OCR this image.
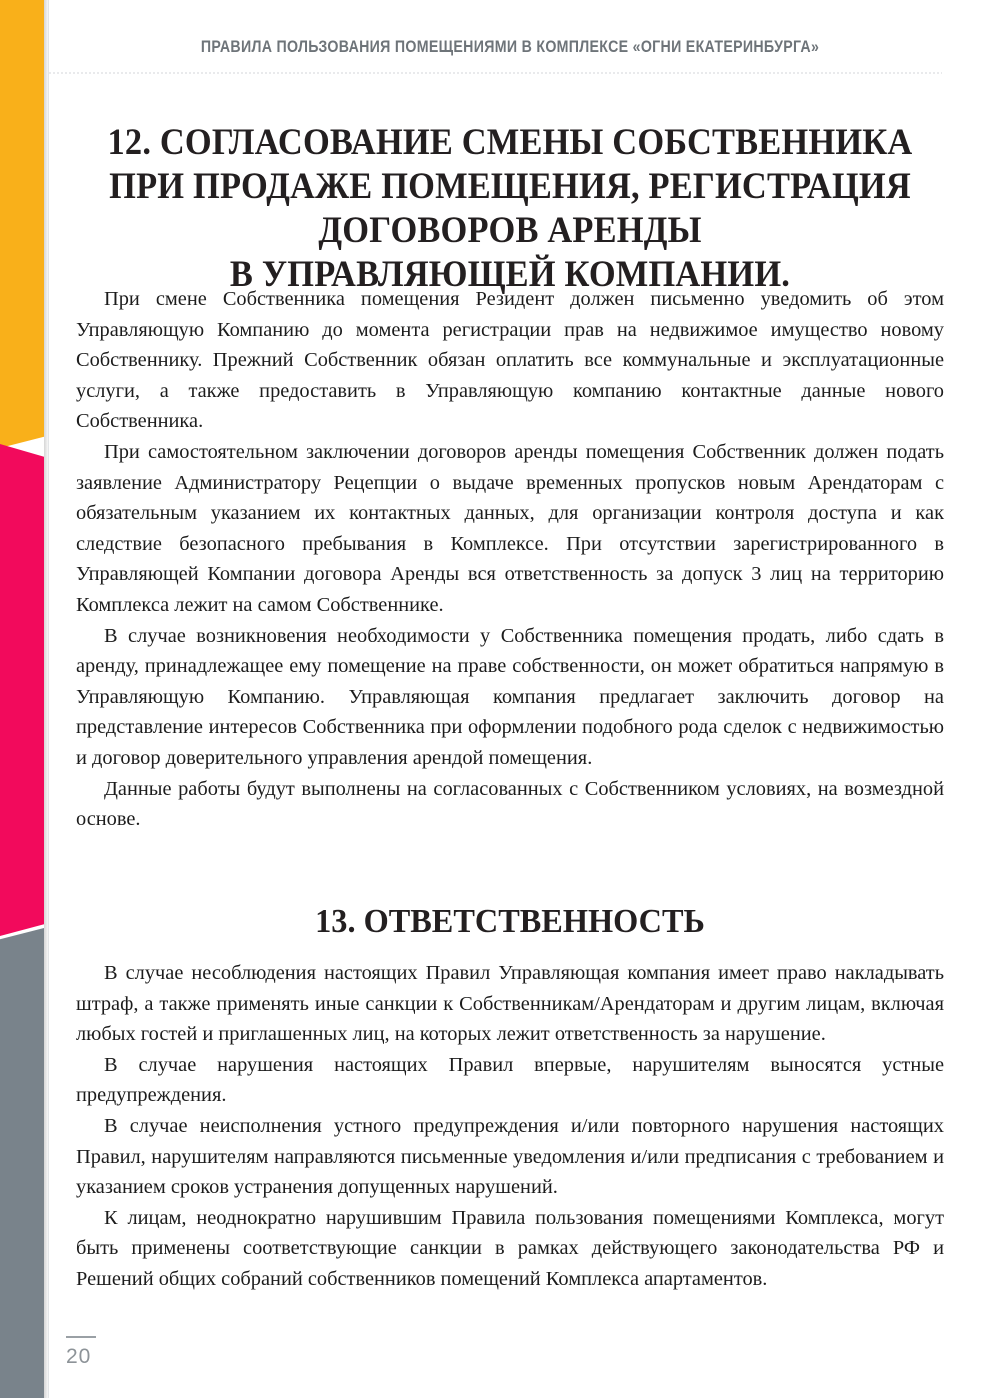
ПРАВИЛА ПОЛЬЗОВАНИЯ ПОМЕЩЕНИЯМИ В КОМПЛЕКСЕ «ОГНИ ЕКАТЕРИНБУРГА»
12. СОГЛАСОВАНИЕ СМЕНЫ СОБСТВЕННИКА
ПРИ ПРОДАЖЕ ПОМЕЩЕНИЯ, РЕГИСТРАЦИЯ
ДОГОВОРОВ АРЕНДЫ
В УПРАВЛЯЮЩЕЙ КОМПАНИИ.

При смене Собственника помещения Резидент должен письменно уведомить об этом Управляющую Компанию до момента регистрации прав на недвижимое имущество новому Собственнику. Прежний Собственник обязан оплатить все коммунальные и эксплуатационные услуги, а также предоставить в Управляющую компанию контактные данные нового Собственника.

При самостоятельном заключении договоров аренды помещения Собственник должен подать заявление Администратору Рецепции о выдаче временных пропусков новым Арендаторам с обязательным указанием их контактных данных, для организации контроля доступа и как следствие безопасного пребывания в Комплексе. При отсутствии зарегистрированного в Управляющей Компании договора Аренды вся ответственность за допуск 3 лиц на территорию Комплекса лежит на самом Собственнике.

В случае возникновения необходимости у Собственника помещения продать, либо сдать в аренду, принадлежащее ему помещение на праве собственности, он может обратиться напрямую в Управляющую Компанию. Управляющая компания предлагает заключить договор на представление интересов Собственника при оформлении подобного рода сделок с недвижимостью и договор доверительного управления арендой помещения.

Данные работы будут выполнены на согласованных с Собственником условиях, на возмездной основе.

13. ОТВЕТСТВЕННОСТЬ

В случае несоблюдения настоящих Правил Управляющая компания имеет право накладывать штраф, а также применять иные санкции к Собственникам/Арендаторам и другим лицам, включая любых гостей и приглашенных лиц, на которых лежит ответственность за нарушение.

В случае нарушения настоящих Правил впервые, нарушителям выносятся устные предупреждения.

В случае неисполнения устного предупреждения и/или повторного нарушения настоящих Правил, нарушителям направляются письменные уведомления и/или предписания с требованием и указанием сроков устранения допущенных нарушений.

К лицам, неоднократно нарушившим Правила пользования помещениями Комплекса, могут быть применены соответствующие санкции в рамках действующего законодательства РФ и Решений общих собраний собственников помещений Комплекса апартаментов.

20
